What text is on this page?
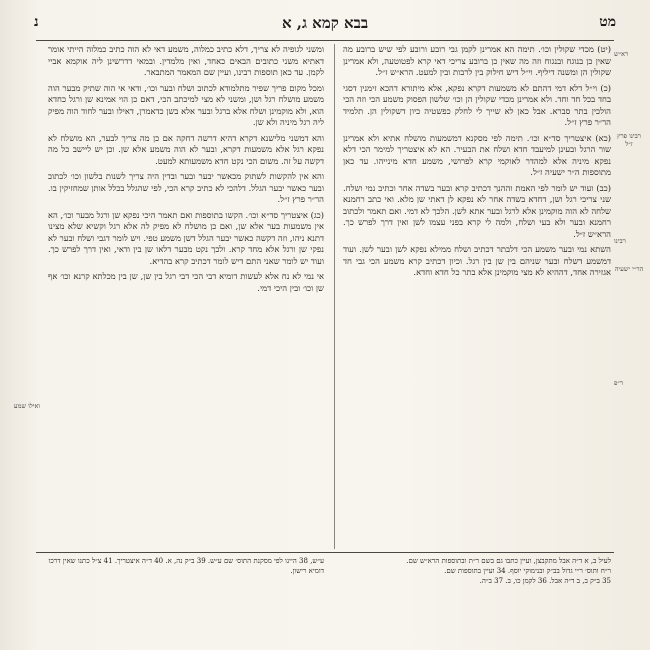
מט
בבא קמא ג, א
נ
רא״ש
רבינו פרץ ז״ל
רבינו
הר״י ישעיה
ר״פ
ואילו שמע

(יט) מכדי שקולין וכו׳. תימה הא אמרינן לקמן גבי רובע ורובע לפי שיש ברובע מה שאין כן בנוגח ובנגוח וזה מה שאין כן ברובע צריכי דאי קרא לפטוטעה, ולא אמרינן שקולין הן ומשנה דיליף. וי״ל דיש חילוק בין לרבות ובין למעט. הרא״ש ז״ל.

(כ) וי״ל דלא דמי דהתם לא משמעות דקרא נפקא, אלא מיתורא דהכא זימנין דסגי בחד בכל חד וחד. ולא אמרינן מכדי שקולין הן וכו׳ שלשון הפסוק משמע הכי וזה הכי הולכין בתר סברא. אבל כאן לא שייך לי לחלק כפשטיה כיון דשקולין הן. תלמיד הר״ר פרץ ז״ל.

(כא) איצטריך סד״א וכו׳. תימה לפי מסקנא דמשמעות מושלח אתיא ולא אמרינן שור הרגל ובעינן למיעבד חדא ושלח את הבעיר. הא לא איצטריך למימר הכי דלא נפקא מיניה אלא למהדר לאוקמי קרא לפרושי, משמע חדא מינייהו. עד כאן מתוספות ה״ר ישעיה ז״ל.

(כב) ועוד יש לומר לפי האמת וההנך דכתיב קרא ובער בשדה אחר וכתיב נמי ושלח. שני צריכי רגל ושן, דחדא בשדה אחר לא נפקא לן דאתי שן מלא. ואי כתב רחמנא שלחה לא הוה מוקמינן אלא לרגל ובער אתא לשן. הלכך לא דמי. ואם תאמר ולכתוב רחמנא ובער ולא בעי ושלח, ולמה לי קרא בפני עצמו לשן ואין דרך לפרש כך. הרא״ש ז״ל.

השתא נמי ובער משמע הכי דלבתר דכתיב ושלח ממילא נפקא לשן ובער לשן. ועוד דמשמע דשלח ובער שניהם בין שן בין רגל. וכיון דכתיב קרא משמע הכי גבי חד אגזירה אחד, דההיא לא מצי מוקמינן אלא בתר כל חדא וחדא.

ומשני לגופיה לא צריך, דלא כתיב כמלוה, משמע דאי לא הוה כתיב כמלוה הייתי אומר דאתיא משני כתובים הבאים כאחד, ואין מלמדין. ובמאי דדרשינן ליה אוקמא אביי לקמן. עד כאן תוספות רבינו, ועיין שם המאמר המתבאר.

ומכל מקום פריך שפיר מתלמודא לכתוב ושלח ובער וכו׳, ודאי אי הוה שתיק מבער הוה משמע מושלח רגל ושן, ומשני לא מצי למיכתב הכי, דאם כן הוי אמינא שן ורגל כחדא הוא, ולא מוקמינן ושלח אלא ברגל ובער אלא בשן כדאמרן, דאילו ובער לחוד הוה מפיק ליה רגל מיניה ולא שן.

והא דמשני מלישנא דקרא דהיא דרשה דחקה אם כן מה צריך לבער, הא מושלח לא נפקא רגל אלא משמעות דקרא, ובער לא הוה משמע אלא שן. וכן יש ליישב כל מה דקשה על זה. משום הכי נקט חדא משמעותא למעט.

והא אין להקשות לשתוק מכאשר יבער ובער ובדין היה צריך לשנות בלשון וכו׳ לכתוב ובער כאשר יבער הגלל. דלהכי לא כתיב קרא הכי, לפי שהגלל בכלל אותן שמחזיקין בו. הר״ר פרץ ז״ל.

(כג) איצטריך סד״א וכו׳. הקשו בתוספות ואם תאמר היכי נפקא שן ורגל מבער וכו׳, הא אין משמעות בער אלא שן, ואם כן מושלח לא מפיק לה אלא רגל וקשיא שלא מצינו דתנא ניהו, וזה דקשה כאשר יבער הגלל דשן משמע טפי. ויש לומר דגבי ושלח ובער לא נפקי שן ורגל אלא מחד קרא. ולכך נקט מבער דלאו שן בין ודאי, ואין דרך לפרש כך. ועוד יש לומר שאני התם דיש לומר דכתיב קרא בהדיא.

אי נמי לא נח אלא לעשות דומיא דבי הכי דבי רגל בין שן, שן בין מכלתא קרנא וכו׳ אף שן וכו׳ ובין היכי דמי.

לעיל ב, א ד״ה אבל מתקבצן, ועיין כתבו גם בשם ר״ת ובתוספות הרא״ש שם.
ר״ח ותוס׳ ר״י גדול בב״ק ובנימוקי יוסף. 34 ועיין בתוספות שם.
35 ב״ק ב, ב ד״ה אבל. 36 לקמן כו, ב. 37 ב״ה.
ע״ש, 38 היינו לפי מסקנת התוס׳ שם ע״ש. 39 ב״ק נה, א. 40 ד״ה איצטריך. 41 צ״ל כתנו שאין דרכו
דומיא רישון.
